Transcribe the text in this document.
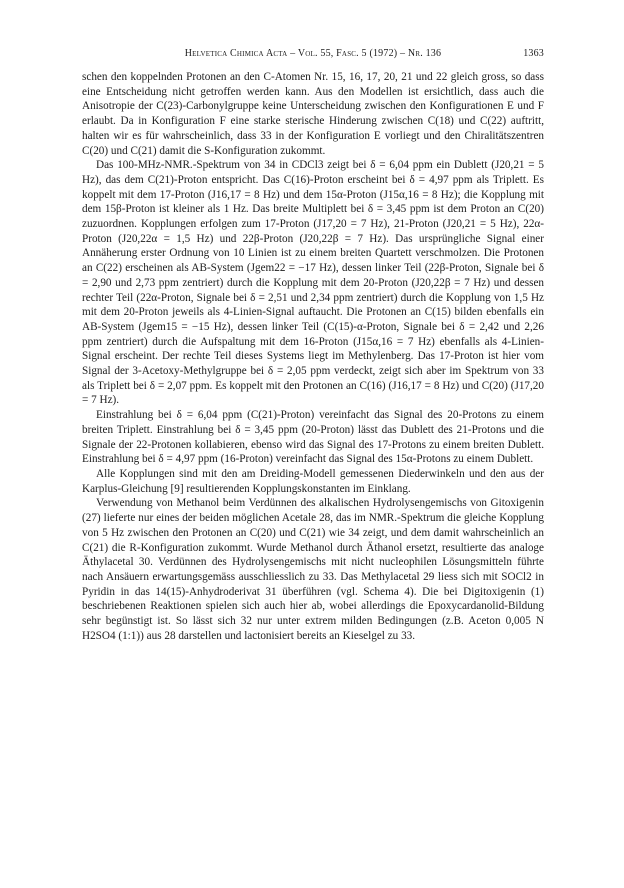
Helvetica Chimica Acta – Vol. 55, Fasc. 5 (1972) – Nr. 136	1363

schen den koppelnden Protonen an den C-Atomen Nr. 15, 16, 17, 20, 21 und 22 gleich gross, so dass eine Entscheidung nicht getroffen werden kann. Aus den Modellen ist ersichtlich, dass auch die Anisotropie der C(23)-Carbonylgruppe keine Unterscheidung zwischen den Konfigurationen E und F erlaubt. Da in Konfiguration F eine starke sterische Hinderung zwischen C(18) und C(22) auftritt, halten wir es für wahrscheinlich, dass 33 in der Konfiguration E vorliegt und den Chiralitätszentren C(20) und C(21) damit die S-Konfiguration zukommt.

Das 100-MHz-NMR.-Spektrum von 34 in CDCl3 zeigt bei δ = 6,04 ppm ein Dublett (J20,21 = 5 Hz), das dem C(21)-Proton entspricht. Das C(16)-Proton erscheint bei δ = 4,97 ppm als Triplett. Es koppelt mit dem 17-Proton (J16,17 = 8 Hz) und dem 15α-Proton (J15α,16 = 8 Hz); die Kopplung mit dem 15β-Proton ist kleiner als 1 Hz. Das breite Multiplett bei δ = 3,45 ppm ist dem Proton an C(20) zuzuordnen. Kopplungen erfolgen zum 17-Proton (J17,20 = 7 Hz), 21-Proton (J20,21 = 5 Hz), 22α-Proton (J20,22α = 1,5 Hz) und 22β-Proton (J20,22β = 7 Hz). Das ursprüngliche Signal einer Annäherung erster Ordnung von 10 Linien ist zu einem breiten Quartett verschmolzen. Die Protonen an C(22) erscheinen als AB-System (Jgem22 = −17 Hz), dessen linker Teil (22β-Proton, Signale bei δ = 2,90 und 2,73 ppm zentriert) durch die Kopplung mit dem 20-Proton (J20,22β = 7 Hz) und dessen rechter Teil (22α-Proton, Signale bei δ = 2,51 und 2,34 ppm zentriert) durch die Kopplung von 1,5 Hz mit dem 20-Proton jeweils als 4-Linien-Signal auftaucht. Die Protonen an C(15) bilden ebenfalls ein AB-System (Jgem15 = −15 Hz), dessen linker Teil (C(15)-α-Proton, Signale bei δ = 2,42 und 2,26 ppm zentriert) durch die Aufspaltung mit dem 16-Proton (J15α,16 = 7 Hz) ebenfalls als 4-Linien-Signal erscheint. Der rechte Teil dieses Systems liegt im Methylenberg. Das 17-Proton ist hier vom Signal der 3-Acetoxy-Methylgruppe bei δ = 2,05 ppm verdeckt, zeigt sich aber im Spektrum von 33 als Triplett bei δ = 2,07 ppm. Es koppelt mit den Protonen an C(16) (J16,17 = 8 Hz) und C(20) (J17,20 = 7 Hz).

Einstrahlung bei δ = 6,04 ppm (C(21)-Proton) vereinfacht das Signal des 20-Protons zu einem breiten Triplett. Einstrahlung bei δ = 3,45 ppm (20-Proton) lässt das Dublett des 21-Protons und die Signale der 22-Protonen kollabieren, ebenso wird das Signal des 17-Protons zu einem breiten Dublett. Einstrahlung bei δ = 4,97 ppm (16-Proton) vereinfacht das Signal des 15α-Protons zu einem Dublett.

Alle Kopplungen sind mit den am Dreiding-Modell gemessenen Diederwinkeln und den aus der Karplus-Gleichung [9] resultierenden Kopplungskonstanten im Einklang.

Verwendung von Methanol beim Verdünnen des alkalischen Hydrolysengemischs von Gitoxigenin (27) lieferte nur eines der beiden möglichen Acetale 28, das im NMR.-Spektrum die gleiche Kopplung von 5 Hz zwischen den Protonen an C(20) und C(21) wie 34 zeigt, und dem damit wahrscheinlich an C(21) die R-Konfiguration zukommt. Wurde Methanol durch Äthanol ersetzt, resultierte das analoge Äthylacetal 30. Verdünnen des Hydrolysengemischs mit nicht nucleophilen Lösungsmitteln führte nach Ansäuern erwartungsgemäss ausschliesslich zu 33. Das Methylacetal 29 liess sich mit SOCl2 in Pyridin in das 14(15)-Anhydroderivat 31 überführen (vgl. Schema 4). Die bei Digitoxigenin (1) beschriebenen Reaktionen spielen sich auch hier ab, wobei allerdings die Epoxycardanolid-Bildung sehr begünstigt ist. So lässt sich 32 nur unter extrem milden Bedingungen (z.B. Aceton 0,005 N H2SO4 (1:1)) aus 28 darstellen und lactonisiert bereits an Kieselgel zu 33.
